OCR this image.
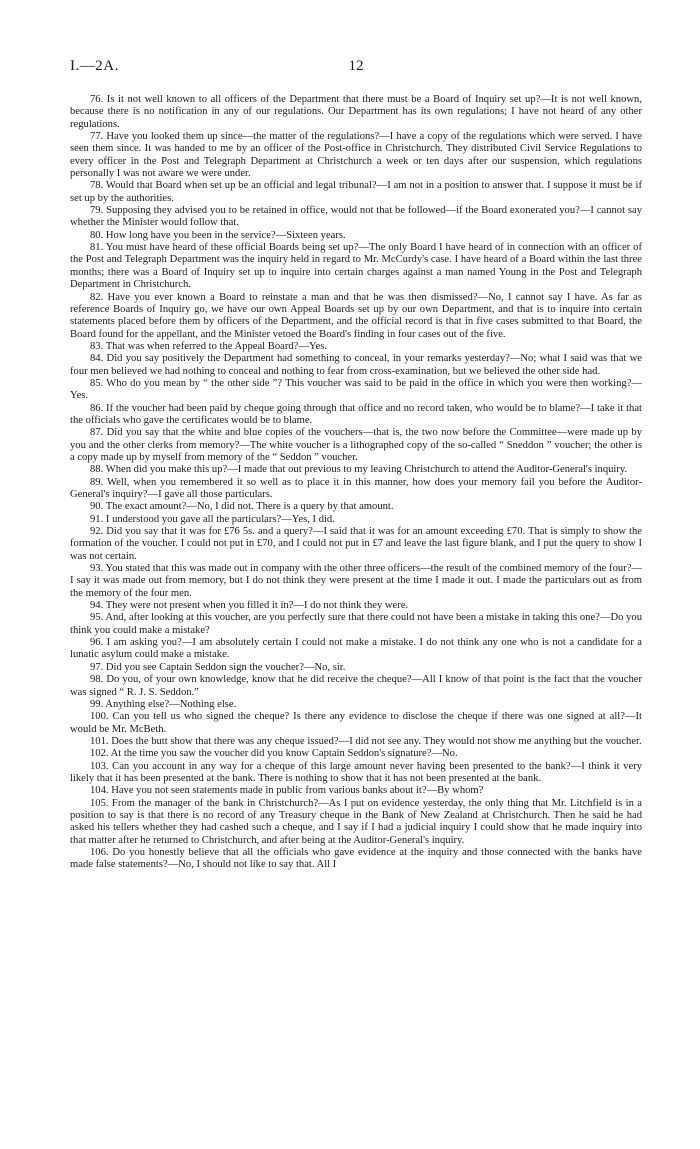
I.—2A.	12

76. Is it not well known to all officers of the Department that there must be a Board of Inquiry set up?—It is not well known, because there is no notification in any of our regulations. Our Department has its own regulations; I have not heard of any other regulations.

77. Have you looked them up since—the matter of the regulations?—I have a copy of the regulations which were served. I have seen them since. It was handed to me by an officer of the Post-office in Christchurch. They distributed Civil Service Regulations to every officer in the Post and Telegraph Department at Christchurch a week or ten days after our suspension, which regulations personally I was not aware we were under.

78. Would that Board when set up be an official and legal tribunal?—I am not in a position to answer that. I suppose it must be if set up by the authorities.

79. Supposing they advised you to be retained in office, would not that be followed—if the Board exonerated you?—I cannot say whether the Minister would follow that.

80. How long have you been in the service?—Sixteen years.

81. You must have heard of these official Boards being set up?—The only Board I have heard of in connection with an officer of the Post and Telegraph Department was the inquiry held in regard to Mr. McCurdy's case. I have heard of a Board within the last three months; there was a Board of Inquiry set up to inquire into certain charges against a man named Young in the Post and Telegraph Department in Christchurch.

82. Have you ever known a Board to reinstate a man and that he was then dismissed?—No, I cannot say I have. As far as reference Boards of Inquiry go, we have our own Appeal Boards set up by our own Department, and that is to inquire into certain statements placed before them by officers of the Department, and the official record is that in five cases submitted to that Board, the Board found for the appellant, and the Minister vetoed the Board's finding in four cases out of the five.

83. That was when referred to the Appeal Board?—Yes.

84. Did you say positively the Department had something to conceal, in your remarks yesterday?—No; what I said was that we four men believed we had nothing to conceal and nothing to fear from cross-examination, but we believed the other side had.

85. Who do you mean by “ the other side ”? This voucher was said to be paid in the office in which you were then working?—Yes.

86. If the voucher had been paid by cheque going through that office and no record taken, who would be to blame?—I take it that the officials who gave the certificates would be to blame.

87. Did you say that the white and blue copies of the vouchers—that is, the two now before the Committee—were made up by you and the other clerks from memory?—The white voucher is a lithographed copy of the so-called “ Sneddon ” voucher; the other is a copy made up by myself from memory of the “ Seddon ” voucher.

88. When did you make this up?—I made that out previous to my leaving Christchurch to attend the Auditor-General's inquiry.

89. Well, when you remembered it so well as to place it in this manner, how does your memory fail you before the Auditor-General's inquiry?—I gave all those particulars.

90. The exact amount?—No, I did not. There is a query by that amount.

91. I understood you gave all the particulars?—Yes, I did.

92. Did you say that it was for £76 5s. and a query?—I said that it was for an amount exceeding £70. That is simply to show the formation of the voucher. I could not put in £70, and I could not put in £7 and leave the last figure blank, and I put the query to show I was not certain.

93. You stated that this was made out in company with the other three officers—the result of the combined memory of the four?—I say it was made out from memory, but I do not think they were present at the time I made it out. I made the particulars out as from the memory of the four men.

94. They were not present when you filled it in?—I do not think they were.

95. And, after looking at this voucher, are you perfectly sure that there could not have been a mistake in taking this one?—Do you think you could make a mistake?

96. I am asking you?—I am absolutely certain I could not make a mistake. I do not think any one who is not a candidate for a lunatic asylum could make a mistake.

97. Did you see Captain Seddon sign the voucher?—No, sir.

98. Do you, of your own knowledge, know that he did receive the cheque?—All I know of that point is the fact that the voucher was signed “ R. J. S. Seddon.”

99. Anything else?—Nothing else.

100. Can you tell us who signed the cheque? Is there any evidence to disclose the cheque if there was one signed at all?—It would be Mr. McBeth.

101. Does the butt show that there was any cheque issued?—I did not see any. They would not show me anything but the voucher.

102. At the time you saw the voucher did you know Captain Seddon's signature?—No.

103. Can you account in any way for a cheque of this large amount never having been presented to the bank?—I think it very likely that it has been presented at the bank. There is nothing to show that it has not been presented at the bank.

104. Have you not seen statements made in public from various banks about it?—By whom?

105. From the manager of the bank in Christchurch?—As I put on evidence yesterday, the only thing that Mr. Litchfield is in a position to say is that there is no record of any Treasury cheque in the Bank of New Zealand at Christchurch. Then he said he had asked his tellers whether they had cashed such a cheque, and I say if I had a judicial inquiry I could show that he made inquiry into that matter after he returned to Christchurch, and after being at the Auditor-General's inquiry.

106. Do you honestly believe that all the officials who gave evidence at the inquiry and those connected with the banks have made false statements?—No, I should not like to say that. All I
